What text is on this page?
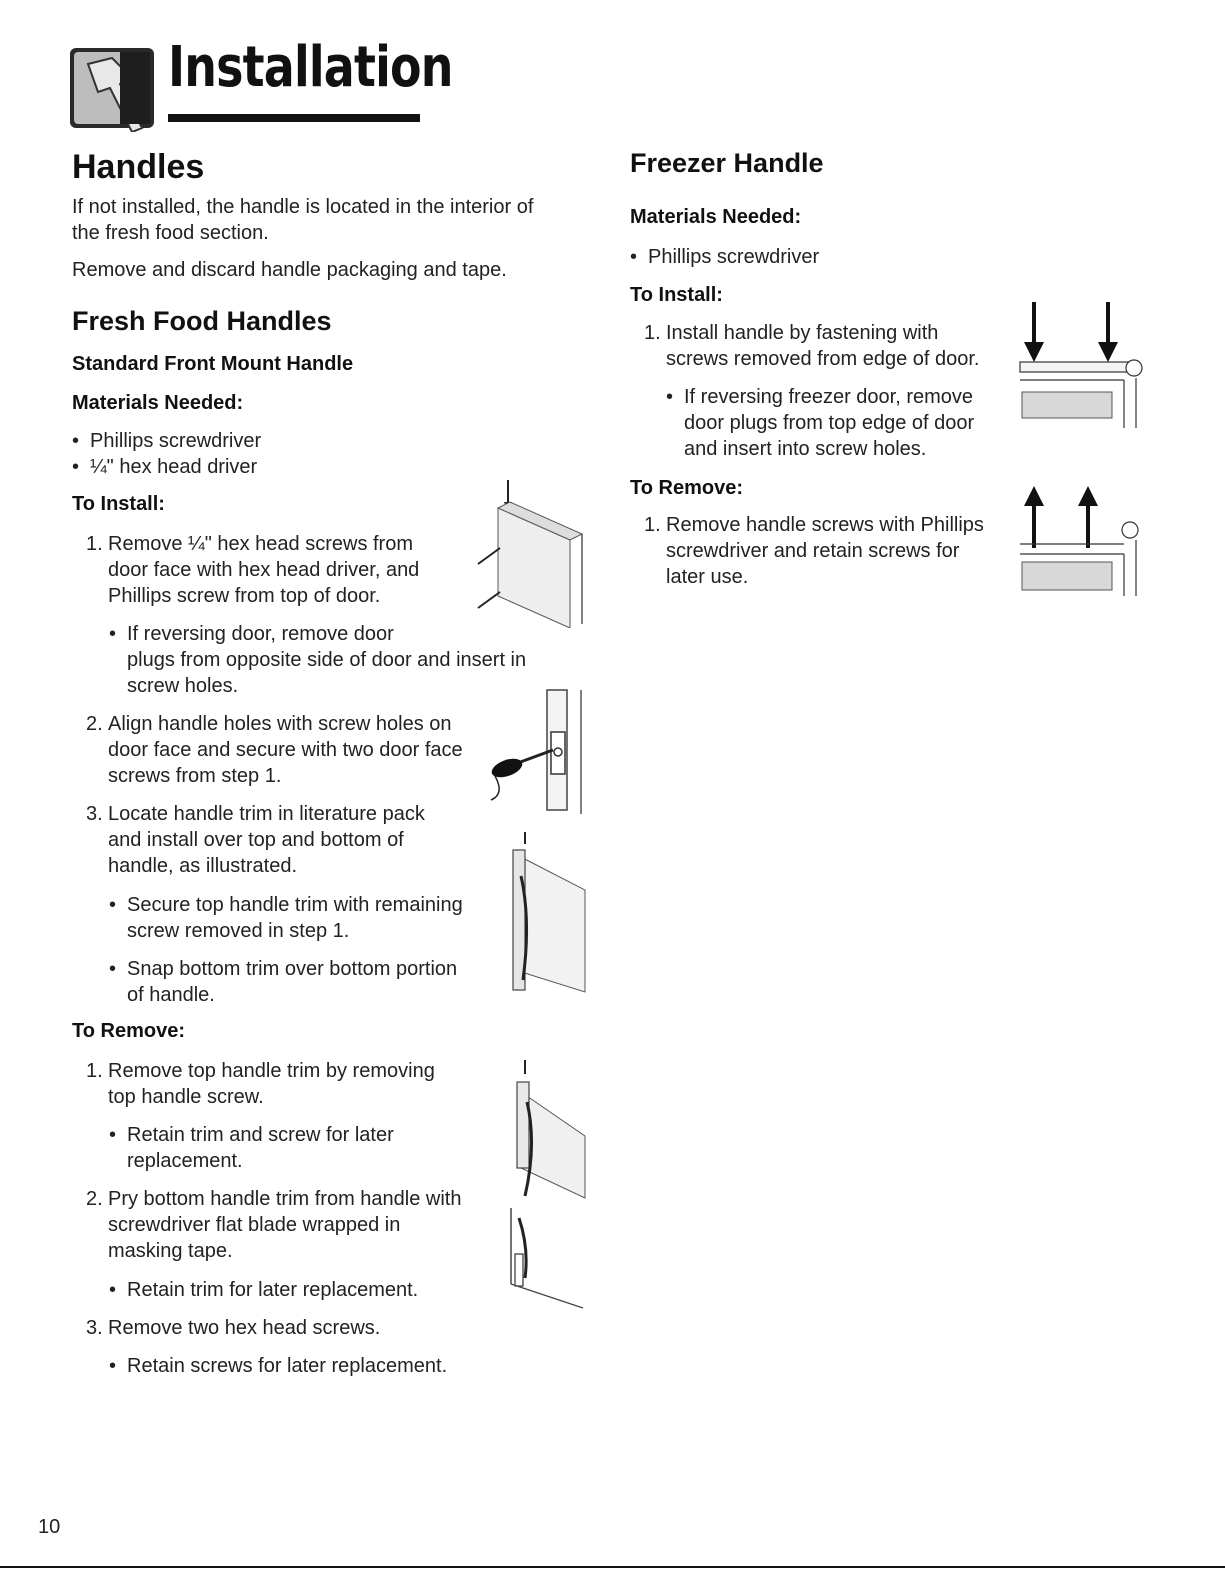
Installation
Handles

If not installed, the handle is located in the interior of

the fresh food section.

Remove and discard handle packaging and tape.

Fresh Food Handles
Standard Front Mount Handle
Materials Needed:

• Phillips screwdriver

• ¼" hex head driver

To Install:
1. Remove ¼" hex head screws from

door face with hex head driver, and

Phillips screw from top of door.

• If reversing door, remove door

plugs from opposite side of door and insert in

screw holes.

2. Align handle holes with screw holes on

door face and secure with two door face

screws from step 1.

3. Locate handle trim in literature pack

and install over top and bottom of

handle, as illustrated.

• Secure top handle trim with remaining

screw removed in step 1.

• Snap bottom trim over bottom portion

of handle.

To Remove:
1. Remove top handle trim by removing

top handle screw.

• Retain trim and screw for later

replacement.

2. Pry bottom handle trim from handle with

screwdriver flat blade wrapped in

masking tape.

• Retain trim for later replacement.

3. Remove two hex head screws.

• Retain screws for later replacement.

Freezer Handle
Materials Needed:

• Phillips screwdriver

To Install:
1. Install handle by fastening with

screws removed from edge of door.

• If reversing freezer door, remove

door plugs from top edge of door

and insert into screw holes.

To Remove:
1. Remove handle screws with Phillips

screwdriver and retain screws for

later use.

10
